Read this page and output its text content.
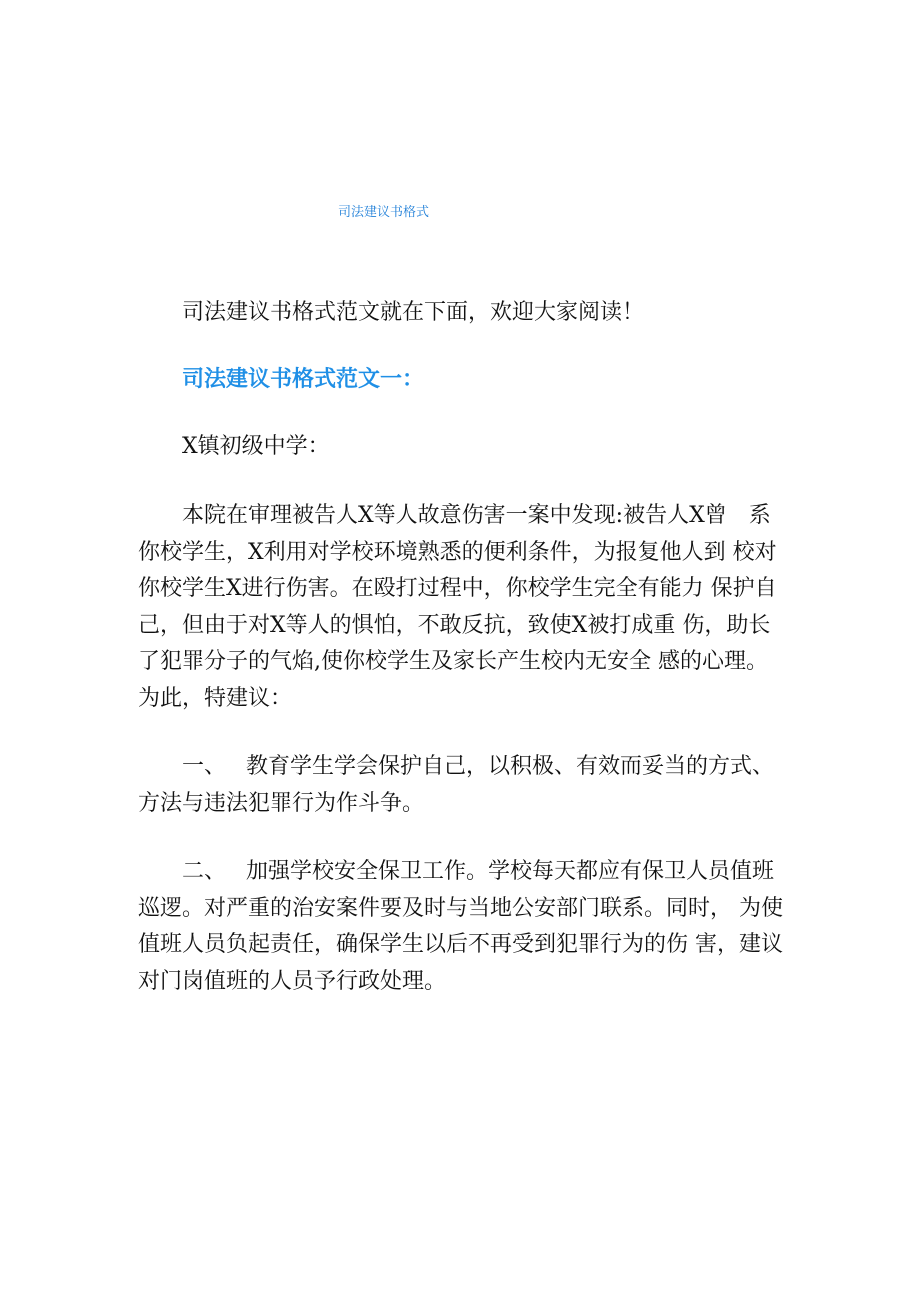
司法建议书格式

司法建议书格式范文就在下面，欢迎大家阅读！

司法建议书格式范文一：

X镇初级中学：

本院在审理被告人X等人故意伤害一案中发现:被告人X曾　系你校学生，X利用对学校环境熟悉的便利条件，为报复他人到 校对你校学生X进行伤害。在殴打过程中，你校学生完全有能力 保护自己，但由于对X等人的惧怕，不敢反抗，致使X被打成重 伤，助长了犯罪分子的气焰,使你校学生及家长产生校内无安全 感的心理。为此，特建议：

一、 教育学生学会保护自己，以积极、有效而妥当的方式、方法与违法犯罪行为作斗争。

二、 加强学校安全保卫工作。学校每天都应有保卫人员值班巡逻。对严重的治安案件要及时与当地公安部门联系。同时， 为使值班人员负起责任，确保学生以后不再受到犯罪行为的伤 害，建议对门岗值班的人员予行政处理。
